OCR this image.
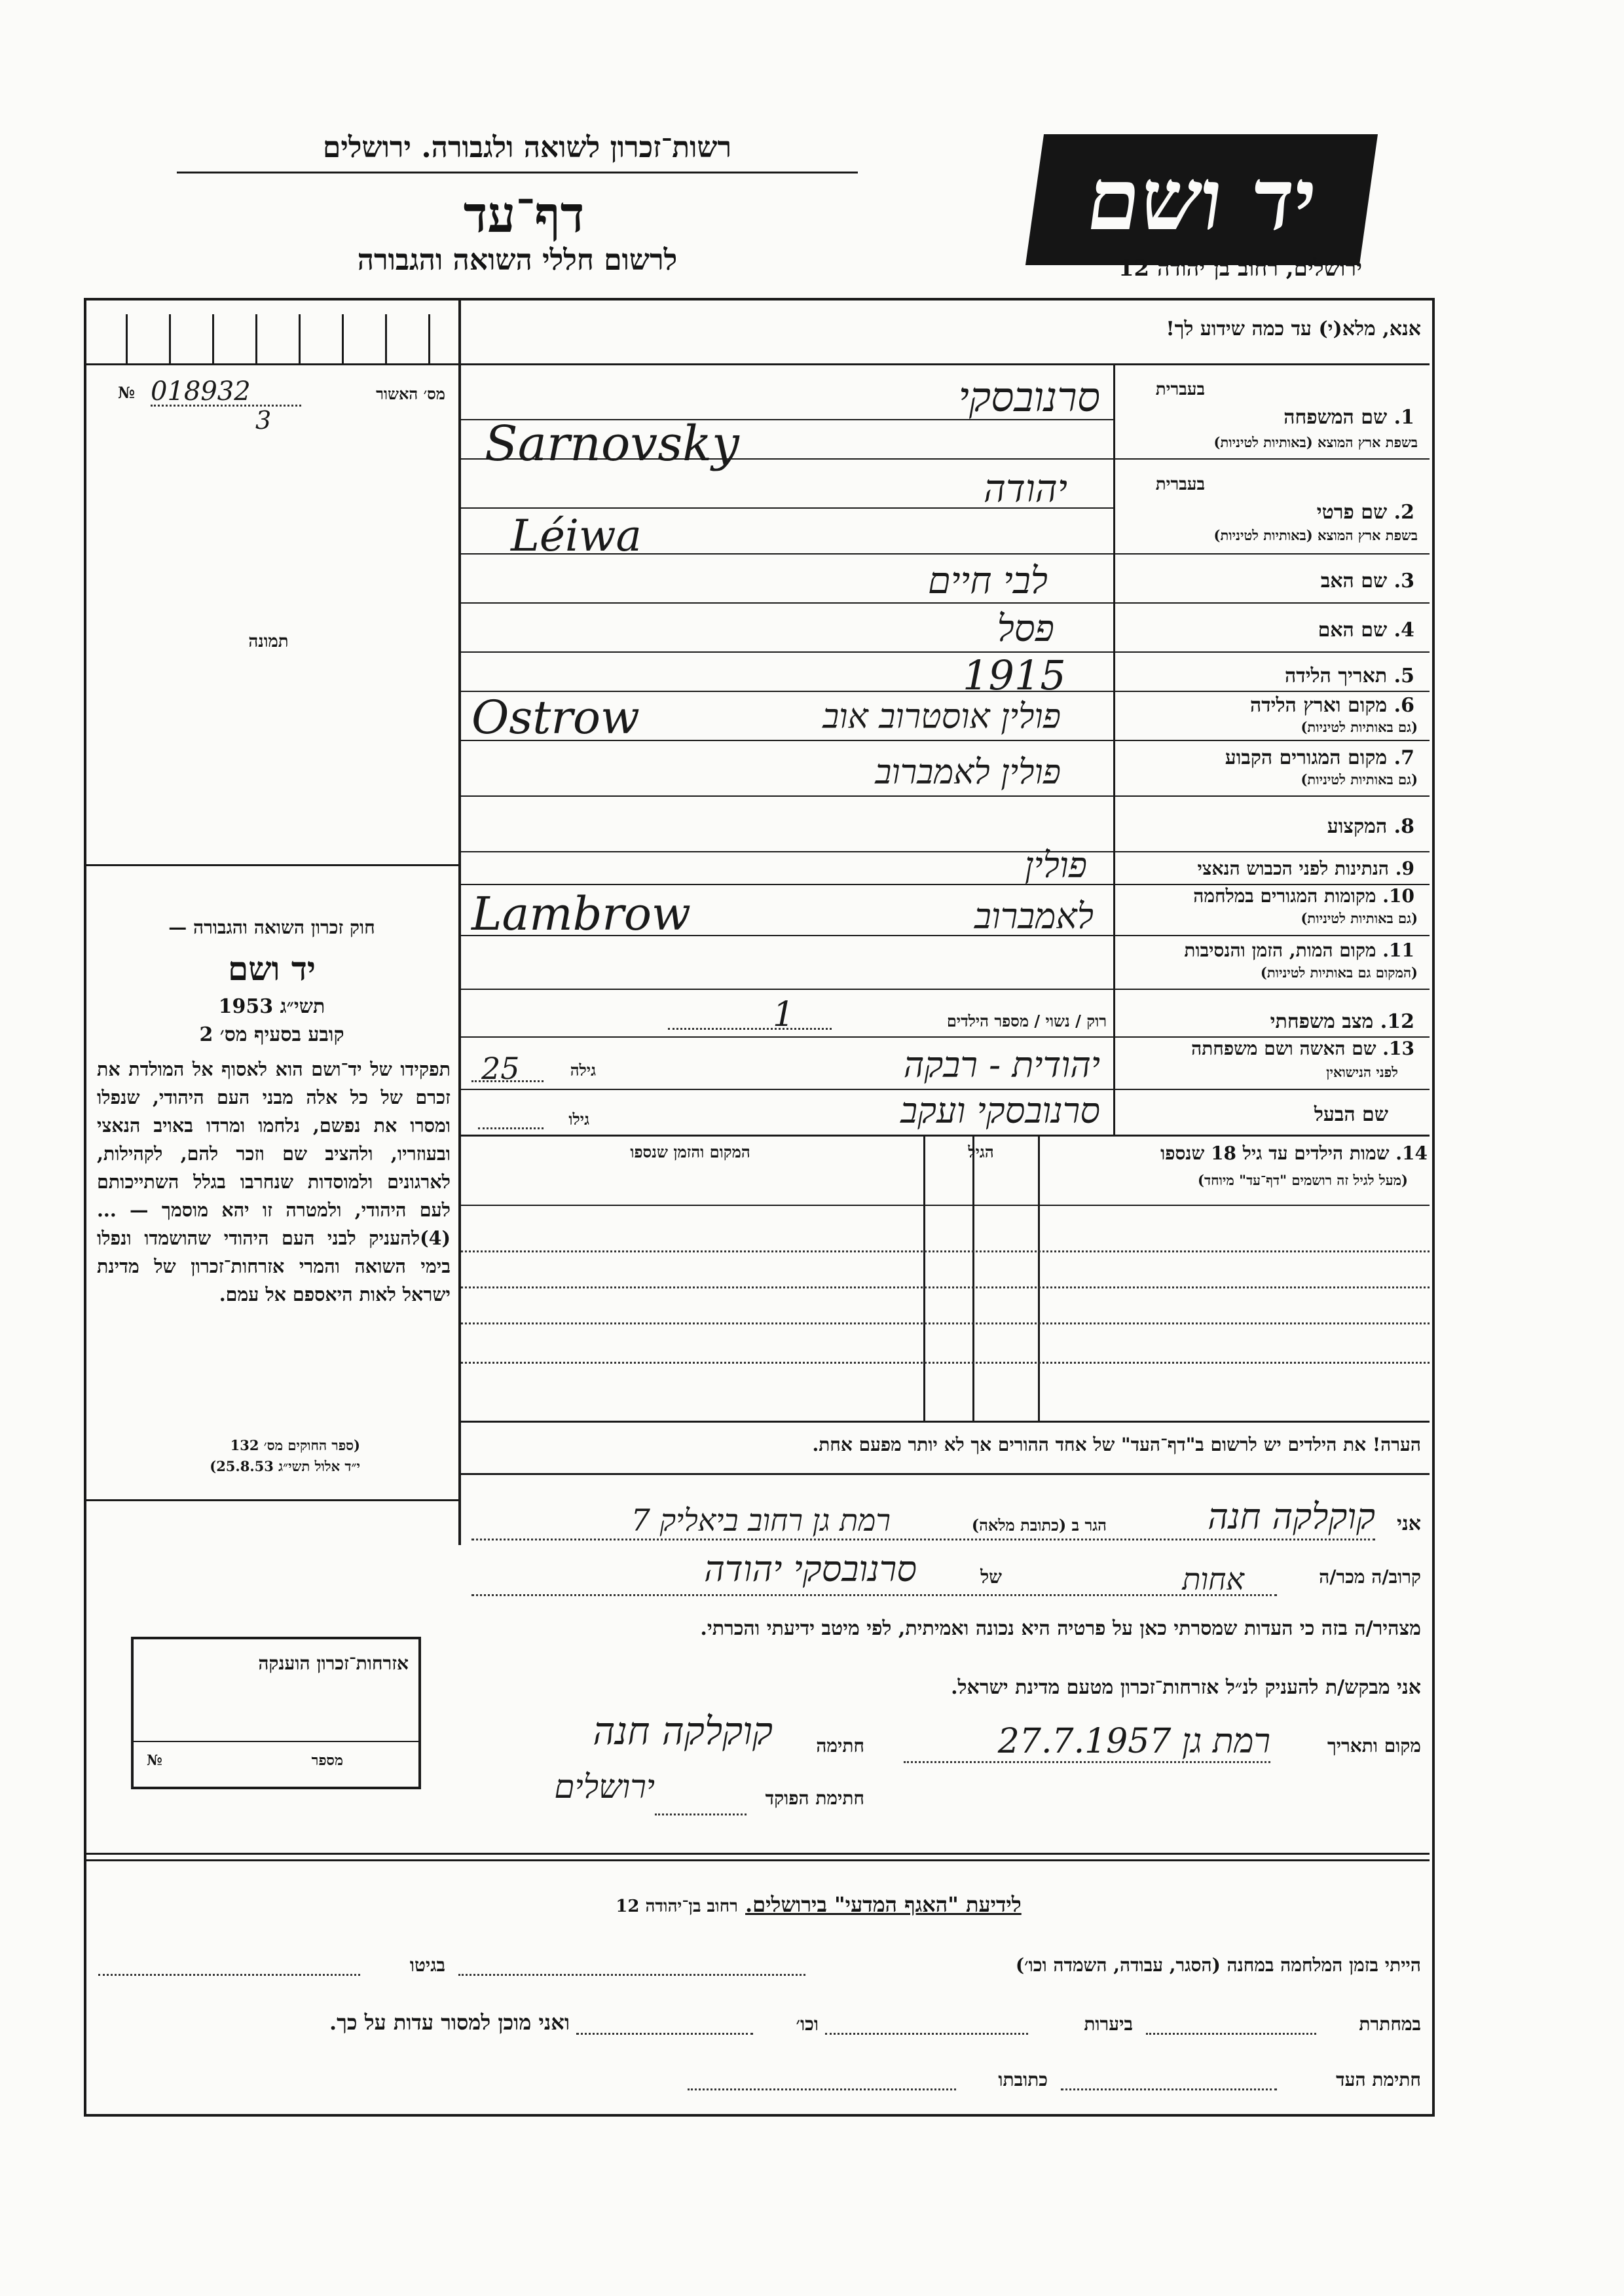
רשות־זכרון לשואה ולגבורה. ירושלים
דף־עד
לרשום חללי השואה והגבורה
יד ושם
ירושלים, רחוב בן־יהודה 12
אנא, מלא(י) עד כמה שידוע לך!
№ 018932
3
מס׳ האשור
תמונה
בעברית
1. שם המשפחה
בשפת ארץ המוצא (באותיות לטיניות)
בעברית
2. שם פרטי
בשפת ארץ המוצא (באותיות לטיניות)
3. שם האב
4. שם האם
5. תאריך הלידה
6. מקום וארץ הלידה
(גם באותיות לטיניות)
7. מקום המגורים הקבוע
(גם באותיות לטיניות)
8. המקצוע
9. הנתינות לפני הכבוש הנאצי
10. מקומות המגורים במלחמה
(גם באותיות לטיניות)
11. מקום המות, הזמן והנסיבות
(המקום גם באותיות לטיניות)
12. מצב משפחתי
13. שם האשה ושם משפחתה
לפני הנישואין
שם הבעל
סרנובסקי
Sarnovsky
יהודה
Léiwa
לבי חיים
פסל
1915
פולין אוסטרוב אוב
Ostrow
פולין לאמברוב
פולין
לאמברוב
Lambrow
רוק / נשוי / מספר הילדים
1
יהודית - רבקה
גילה
25
סרנובסקי ועקב
גילו
14. שמות הילדים עד גיל 18 שנספו
(מעל לגיל זה רושמים "דף־עד" מיוחד)
הגיל
המקום והזמן שנספו
הערה! את הילדים יש לרשום ב"דף־העד" של אחד ההורים אך לא יותר מפעם אחת.
חוק זכרון השואה והגבורה —
יד ושם
תשי״ג 1953
קובע בסעיף מס׳ 2
תפקידו של יד־ושם הוא לאסוף אל המולדת את זכרם של כל אלה מבני העם היהודי, שנפלו ומסרו את נפשם, נלחמו ומרדו באויב הנאצי ובעוזריו, ולהציב שם וזכר להם, לקהילות, לארגונים ולמוסדות שנחרבו בגלל השתייכותם לעם היהודי, ולמטרה זו יהא מוסמך — ...(4)להעניק לבני העם היהודי שהושמדו ונפלו בימי השואה והמרי אזרחות־זכרון של מדינת ישראל לאות היאספם אל עמם.
(ספר החוקים מס׳ 132
י״ד אלול תשי״ג 25.8.53)
אני
קוקלקה חנה
הגר ב (כתובת מלאה)
רמת גן רחוב ביאליק 7
קרוב/ה מכר/ה
אחות
של
סרנובסקי יהודה
מצהיר/ה בזה כי העדות שמסרתי כאן על פרטיה היא נכונה ואמיתית, לפי מיטב ידיעתי והכרתי.
אני מבקש/ת להעניק לנ״ל אזרחות־זכרון מטעם מדינת ישראל.
מקום ותאריך
רמת גן 27.7.1957
חתימה
קוקלקה חנה
חתימת הפוקד
ירושלים
אזרחות־זכרון הוענקה
מספר
№
לידיעת "האגף המדעי" בירושלים. רחוב בן־יהודה 12
הייתי בזמן המלחמה במחנה (הסגר, עבודה, השמדה וכו׳)
בגיטו
במחתרת
ביערות
וכו׳
ואני מוכן למסור עדות על כך.
חתימת העד
כתובתו
